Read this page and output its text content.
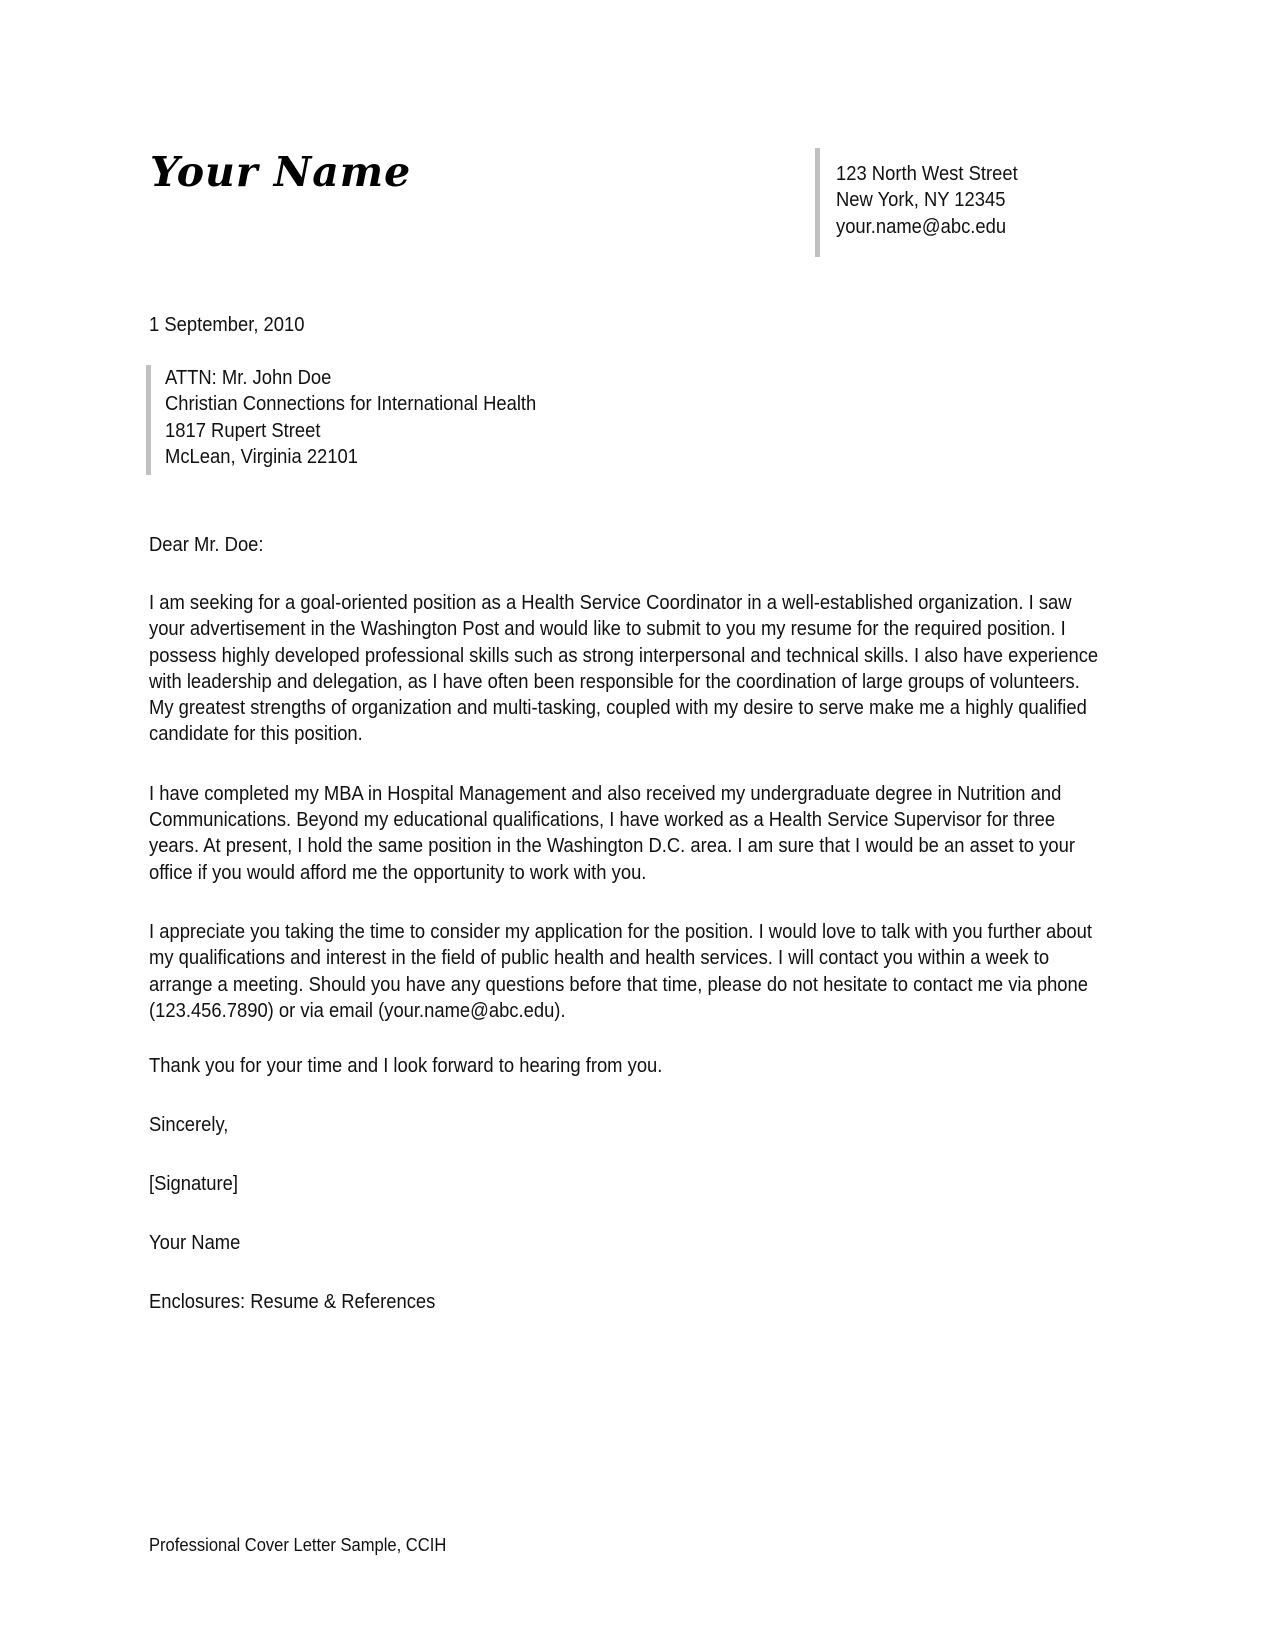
Your Name	123 North West Street
New York, NY 12345
your.name@abc.edu
1 September, 2010
ATTN: Mr. John Doe
Christian Connections for International Health
1817 Rupert Street
McLean, Virginia 22101
Dear Mr. Doe:
I am seeking for a goal-oriented position as a Health Service Coordinator in a well-established organization. I saw
your advertisement in the Washington Post and would like to submit to you my resume for the required position. I
possess highly developed professional skills such as strong interpersonal and technical skills. I also have experience
with leadership and delegation, as I have often been responsible for the coordination of large groups of volunteers.
My greatest strengths of organization and multi-tasking, coupled with my desire to serve make me a highly qualified
candidate for this position.
I have completed my MBA in Hospital Management and also received my undergraduate degree in Nutrition and
Communications. Beyond my educational qualifications, I have worked as a Health Service Supervisor for three
years. At present, I hold the same position in the Washington D.C. area. I am sure that I would be an asset to your
office if you would afford me the opportunity to work with you.
I appreciate you taking the time to consider my application for the position. I would love to talk with you further about
my qualifications and interest in the field of public health and health services. I will contact you within a week to
arrange a meeting. Should you have any questions before that time, please do not hesitate to contact me via phone
(123.456.7890) or via email (your.name@abc.edu).
Thank you for your time and I look forward to hearing from you.
Sincerely,
[Signature]
Your Name
Enclosures: Resume & References
Professional Cover Letter Sample, CCIH
